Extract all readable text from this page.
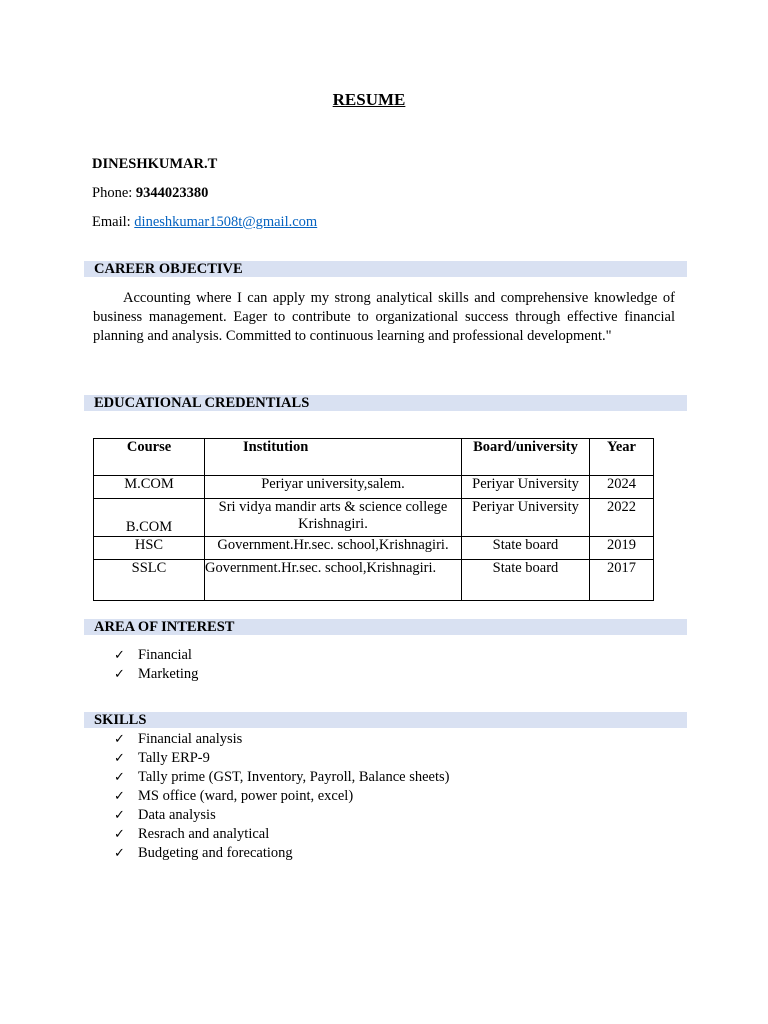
RESUME
DINESHKUMAR.T
Phone: 9344023380
Email: dineshkumar1508t@gmail.com
CAREER OBJECTIVE
Accounting where I can apply my strong analytical skills and comprehensive knowledge of business management. Eager to contribute to organizational success through effective financial planning and analysis. Committed to continuous learning and professional development."
EDUCATIONAL CREDENTIALS
Course	Institution	Board/university	Year
M.COM	Periyar university,salem.	Periyar University	2024
B.COM	Sri vidya mandir arts & science college Krishnagiri.	Periyar University	2022
HSC	Government.Hr.sec. school,Krishnagiri.	State board	2019
SSLC	Government.Hr.sec. school,Krishnagiri.	State board	2017
AREA OF INTEREST
✓ Financial
✓ Marketing
SKILLS
✓ Financial analysis
✓ Tally ERP-9
✓ Tally prime (GST, Inventory, Payroll, Balance sheets)
✓ MS office (ward, power point, excel)
✓ Data analysis
✓ Resrach and analytical
✓ Budgeting and forecationg
